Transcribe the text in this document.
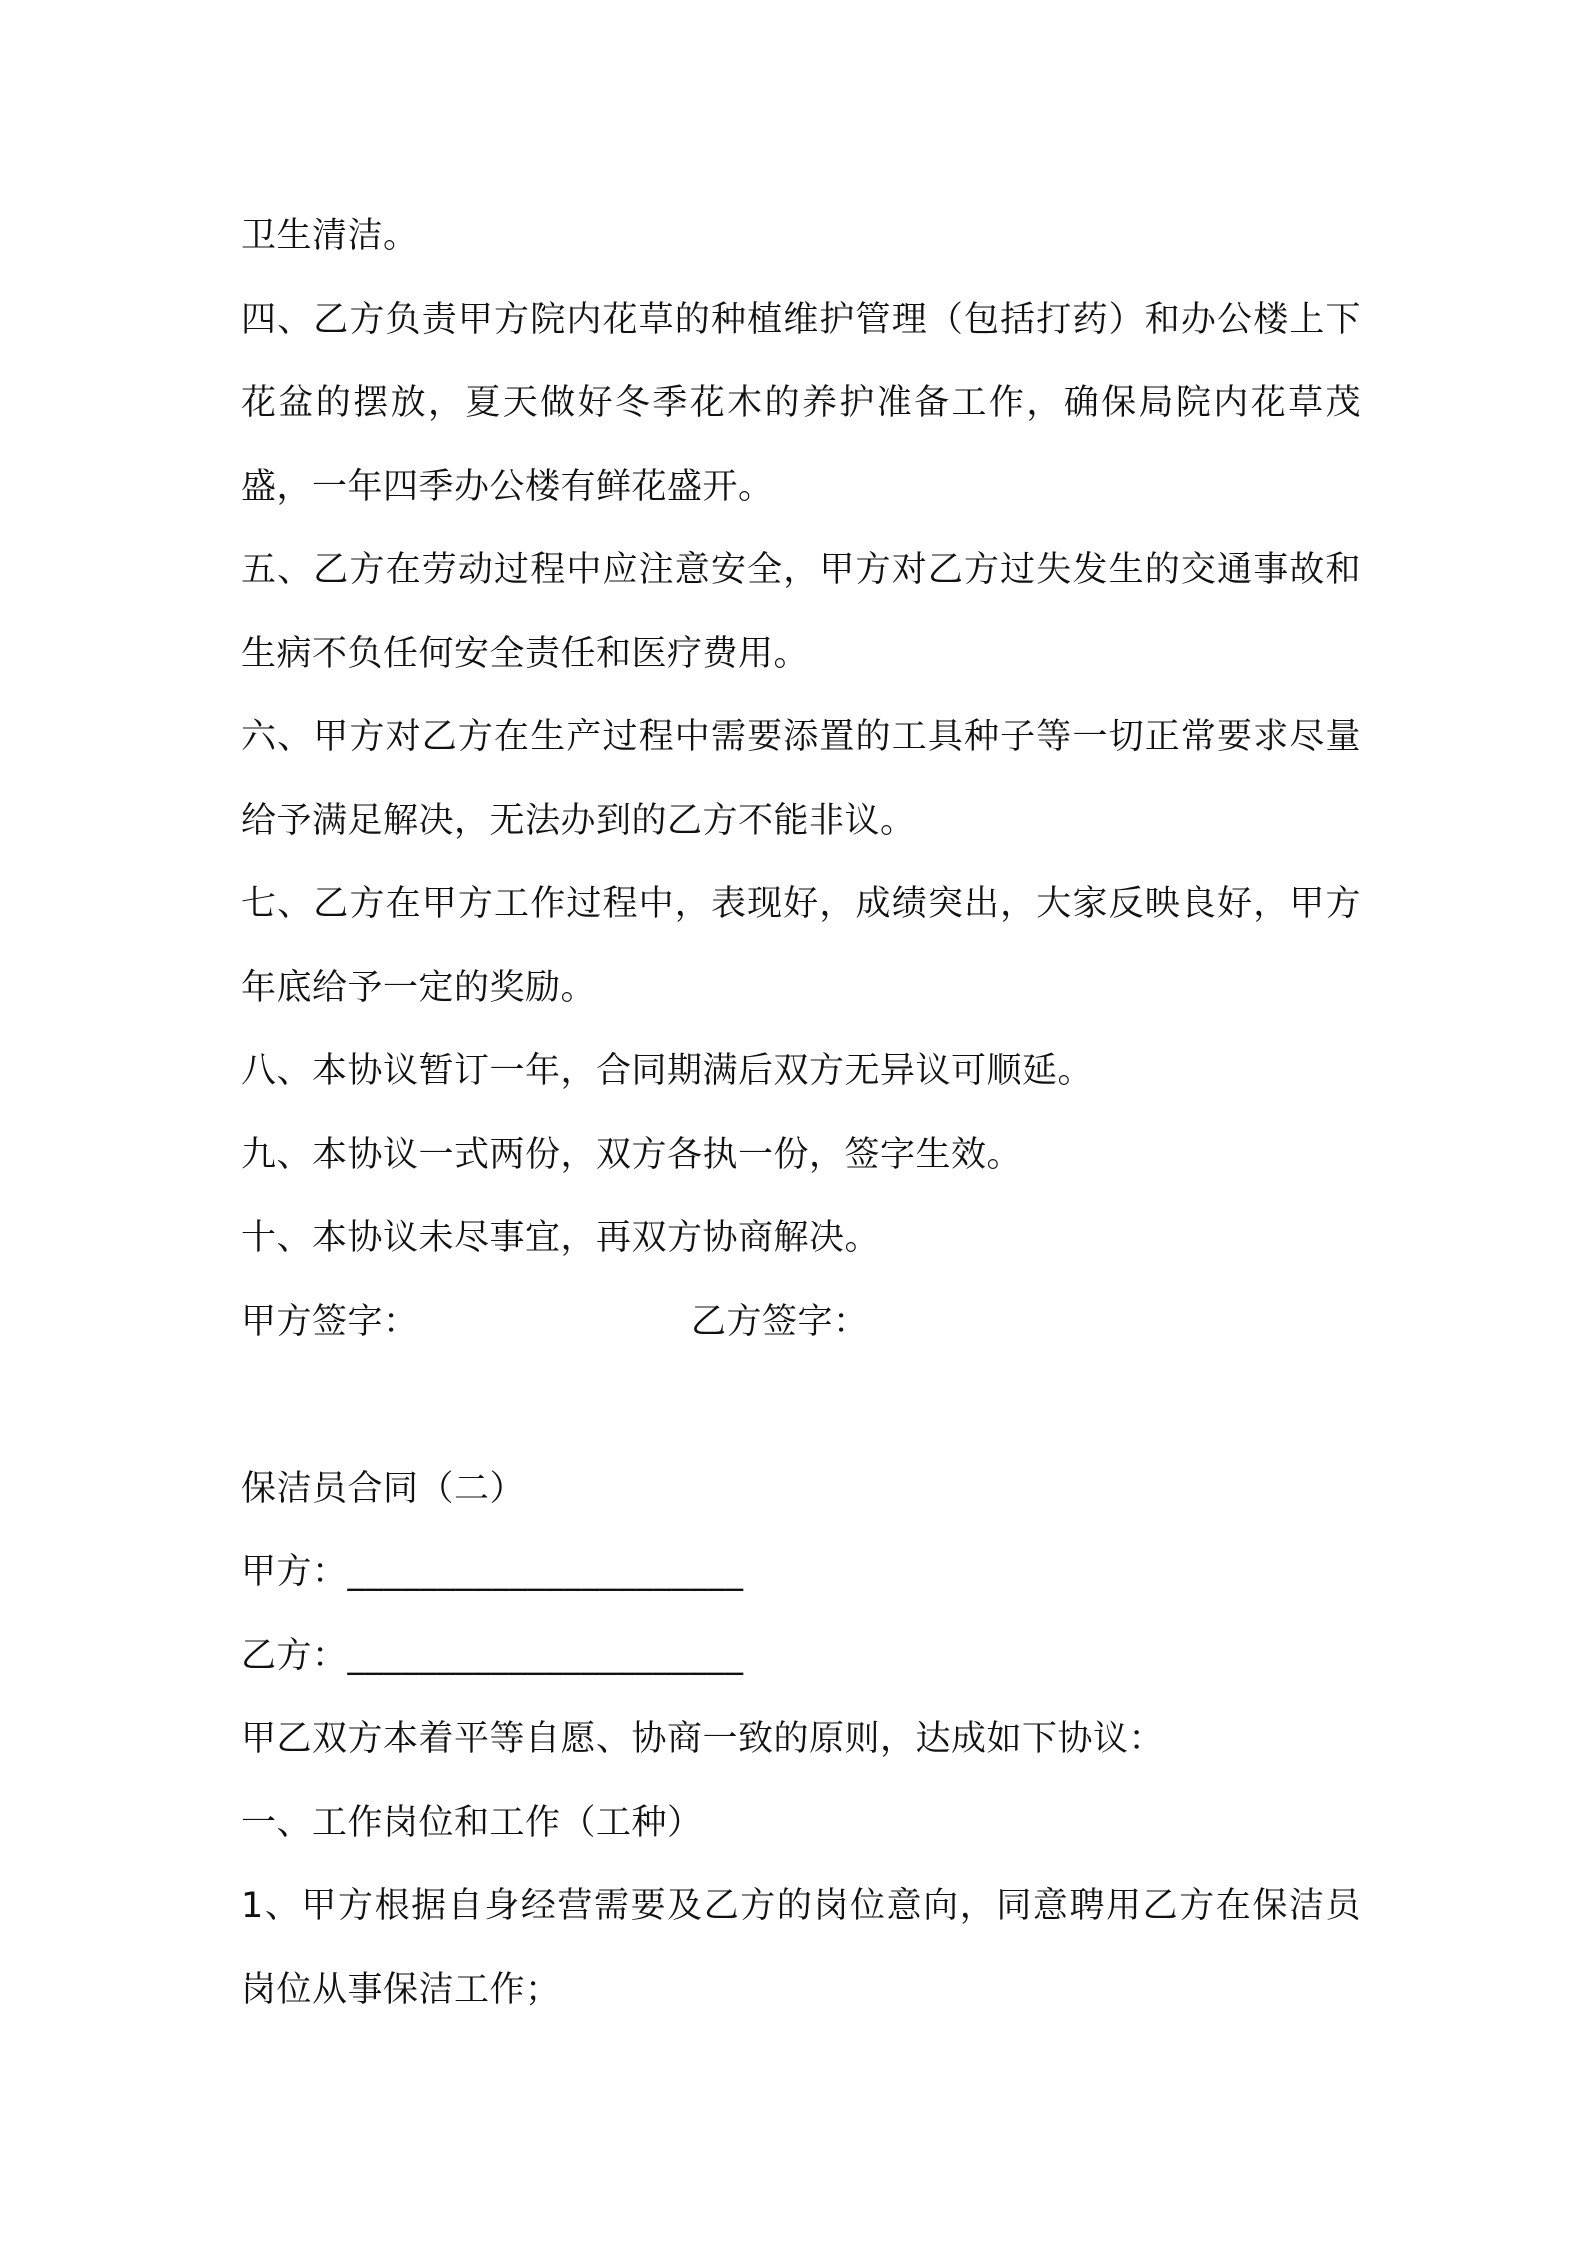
卫生清洁。

四、乙方负责甲方院内花草的种植维护管理（包括打药）和办公楼上下花盆的摆放，夏天做好冬季花木的养护准备工作，确保局院内花草茂盛，一年四季办公楼有鲜花盛开。

五、乙方在劳动过程中应注意安全，甲方对乙方过失发生的交通事故和生病不负任何安全责任和医疗费用。

六、甲方对乙方在生产过程中需要添置的工具种子等一切正常要求尽量给予满足解决，无法办到的乙方不能非议。

七、乙方在甲方工作过程中，表现好，成绩突出，大家反映良好，甲方年底给予一定的奖励。

八、本协议暂订一年，合同期满后双方无异议可顺延。

九、本协议一式两份，双方各执一份，签字生效。

十、本协议未尽事宜，再双方协商解决。

甲方签字：	乙方签字：

保洁员合同（二）

甲方：______________________

乙方：______________________

甲乙双方本着平等自愿、协商一致的原则，达成如下协议：

一、工作岗位和工作（工种）

1、甲方根据自身经营需要及乙方的岗位意向，同意聘用乙方在保洁员岗位从事保洁工作；
